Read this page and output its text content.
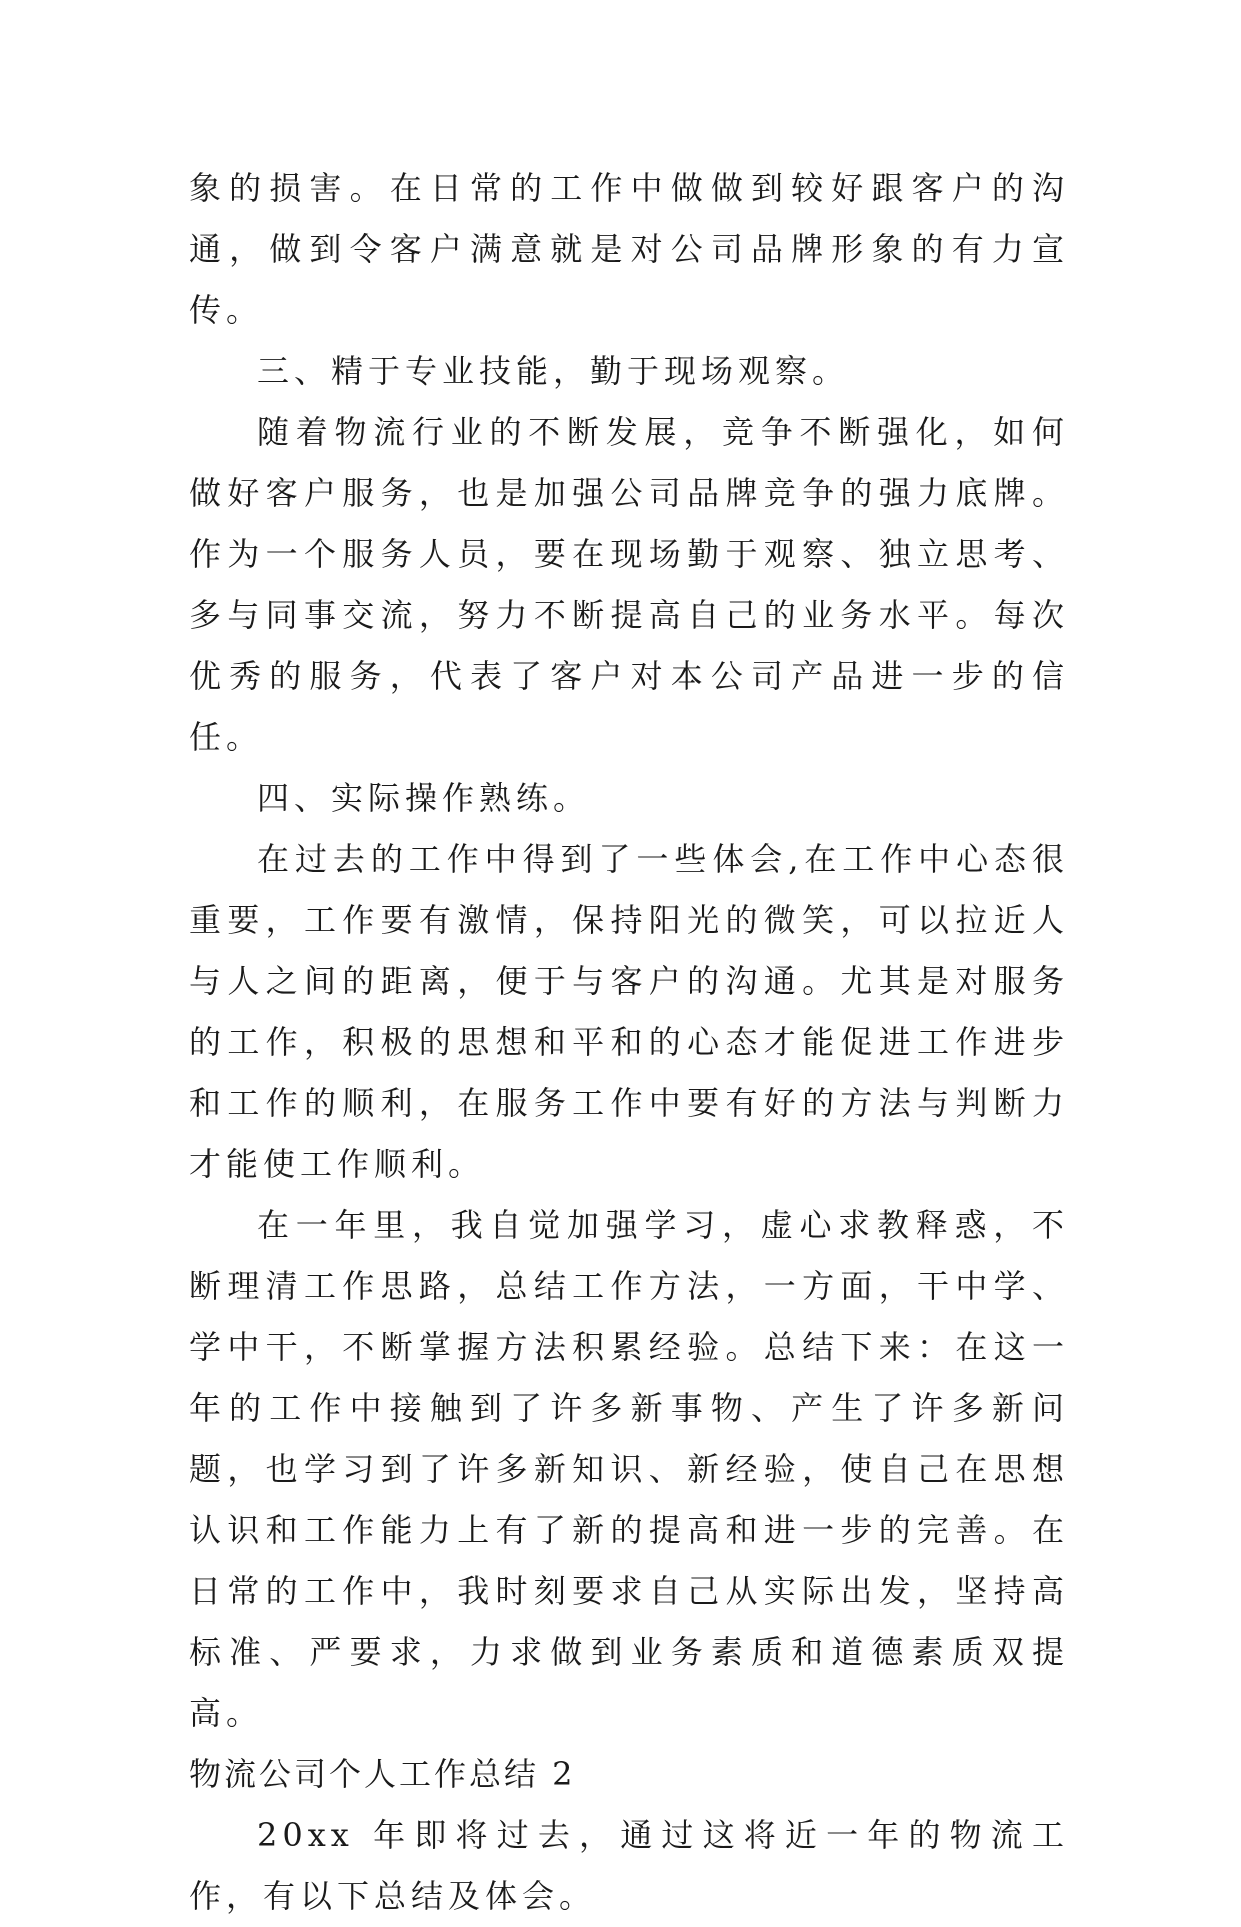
象的损害。在日常的工作中做做到较好跟客户的沟通，做到令客户满意就是对公司品牌形象的有力宣传。

三、精于专业技能，勤于现场观察。

随着物流行业的不断发展，竞争不断强化，如何做好客户服务，也是加强公司品牌竞争的强力底牌。作为一个服务人员，要在现场勤于观察、独立思考、多与同事交流，努力不断提高自己的业务水平。每次优秀的服务，代表了客户对本公司产品进一步的信任。

四、实际操作熟练。

在过去的工作中得到了一些体会,在工作中心态很重要，工作要有激情，保持阳光的微笑，可以拉近人与人之间的距离，便于与客户的沟通。尤其是对服务的工作，积极的思想和平和的心态才能促进工作进步和工作的顺利，在服务工作中要有好的方法与判断力才能使工作顺利。

在一年里，我自觉加强学习，虚心求教释惑，不断理清工作思路，总结工作方法，一方面，干中学、学中干，不断掌握方法积累经验。总结下来：在这一年的工作中接触到了许多新事物、产生了许多新问题，也学习到了许多新知识、新经验，使自己在思想认识和工作能力上有了新的提高和进一步的完善。在日常的工作中，我时刻要求自己从实际出发，坚持高标准、严要求，力求做到业务素质和道德素质双提高。

物流公司个人工作总结 2

20xx 年即将过去，通过这将近一年的物流工作，有以下总结及体会。
